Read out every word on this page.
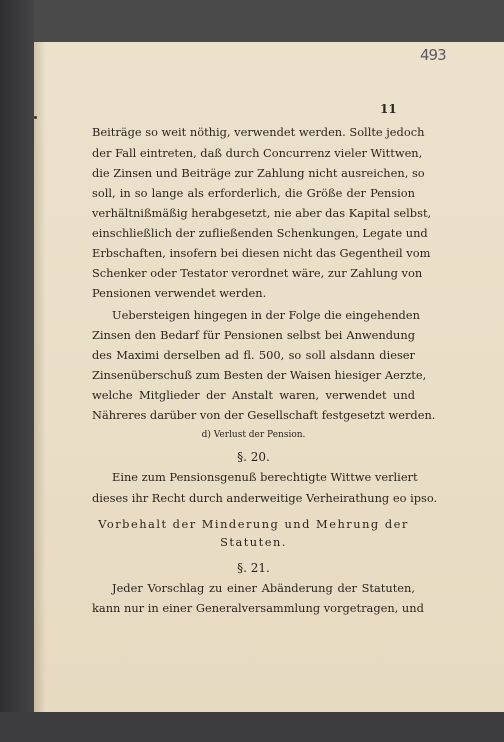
493
11
Beiträge so weit nöthig, verwendet werden. Sollte jedoch
der Fall eintreten, daß durch Concurrenz vieler Wittwen,
die Zinsen und Beiträge zur Zahlung nicht ausreichen, so
soll, in so lange als erforderlich, die Größe der Pension
verhältnißmäßig herabgesetzt, nie aber das Kapital selbst,
einschließlich der zufließenden Schenkungen, Legate und
Erbschaften, insofern bei diesen nicht das Gegentheil vom
Schenker oder Testator verordnet wäre, zur Zahlung von
Pensionen verwendet werden.
Uebersteigen hingegen in der Folge die eingehenden
Zinsen den Bedarf für Pensionen selbst bei Anwendung
des Maximi derselben ad fl. 500, so soll alsdann dieser
Zinsenüberschuß zum Besten der Waisen hiesiger Aerzte,
welche Mitglieder der Anstalt waren, verwendet und
Nähreres darüber von der Gesellschaft festgesetzt werden.
d) Verlust der Pension.
§. 20.
Eine zum Pensionsgenuß berechtigte Wittwe verliert
dieses ihr Recht durch anderweitige Verheirathung eo ipso.
Vorbehalt der Minderung und Mehrung der
Statuten.
§. 21.
Jeder Vorschlag zu einer Abänderung der Statuten,
kann nur in einer Generalversammlung vorgetragen, und
